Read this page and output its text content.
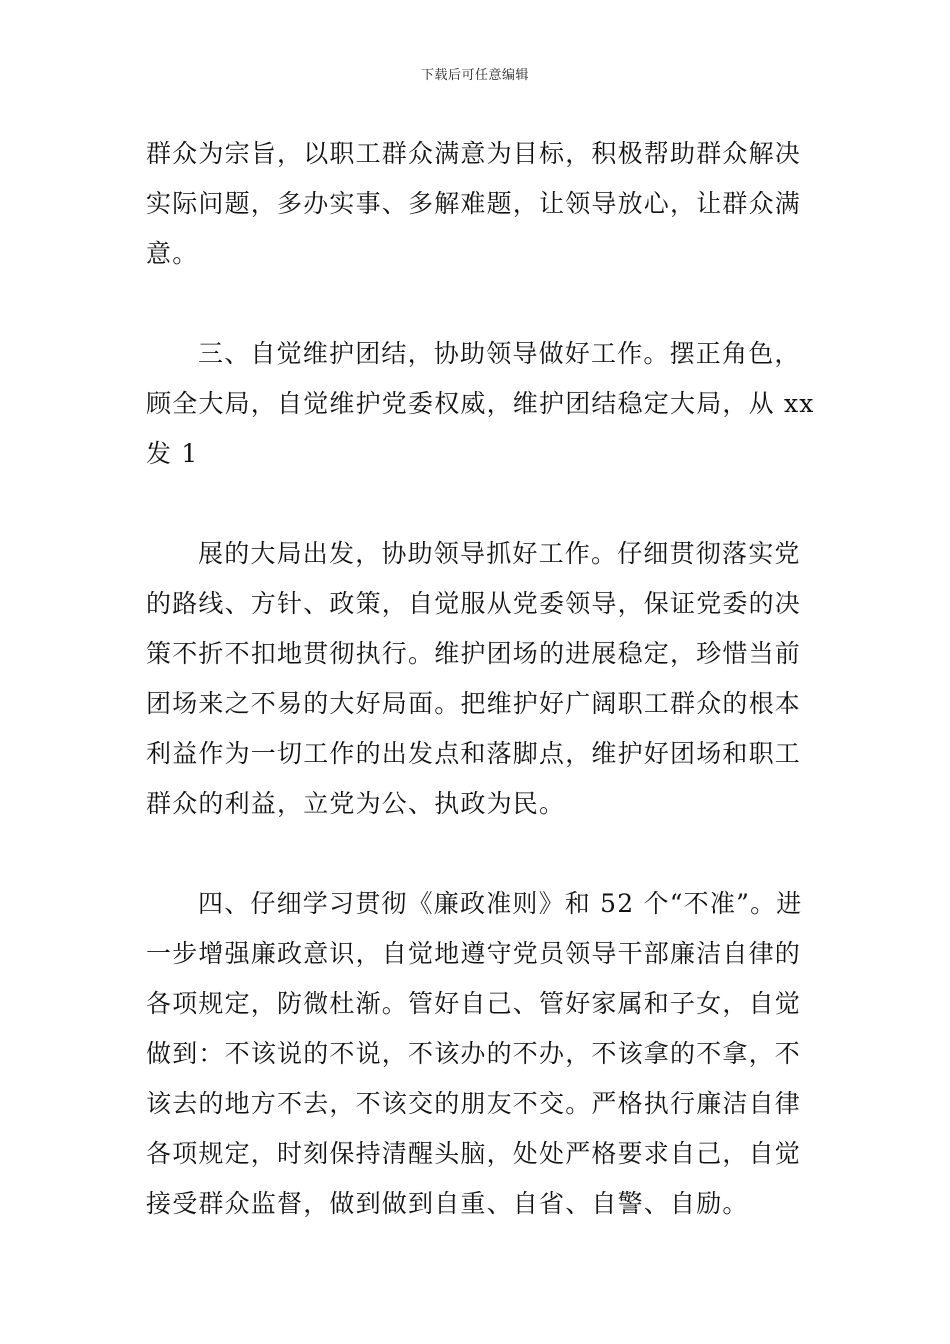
下载后可任意编辑
群众为宗旨，以职工群众满意为目标，积极帮助群众解决
实际问题，多办实事、多解难题，让领导放心，让群众满
意。
三、自觉维护团结，协助领导做好工作。摆正角色，
顾全大局，自觉维护党委权威，维护团结稳定大局，从 xx
发 1
展的大局出发，协助领导抓好工作。仔细贯彻落实党
的路线、方针、政策，自觉服从党委领导，保证党委的决
策不折不扣地贯彻执行。维护团场的进展稳定，珍惜当前
团场来之不易的大好局面。把维护好广阔职工群众的根本
利益作为一切工作的出发点和落脚点，维护好团场和职工
群众的利益，立党为公、执政为民。
四、仔细学习贯彻《廉政准则》和 52 个“不准”。进
一步增强廉政意识，自觉地遵守党员领导干部廉洁自律的
各项规定，防微杜渐。管好自己、管好家属和子女，自觉
做到：不该说的不说，不该办的不办，不该拿的不拿，不
该去的地方不去，不该交的朋友不交。严格执行廉洁自律
各项规定，时刻保持清醒头脑，处处严格要求自己，自觉
接受群众监督，做到做到自重、自省、自警、自励。
